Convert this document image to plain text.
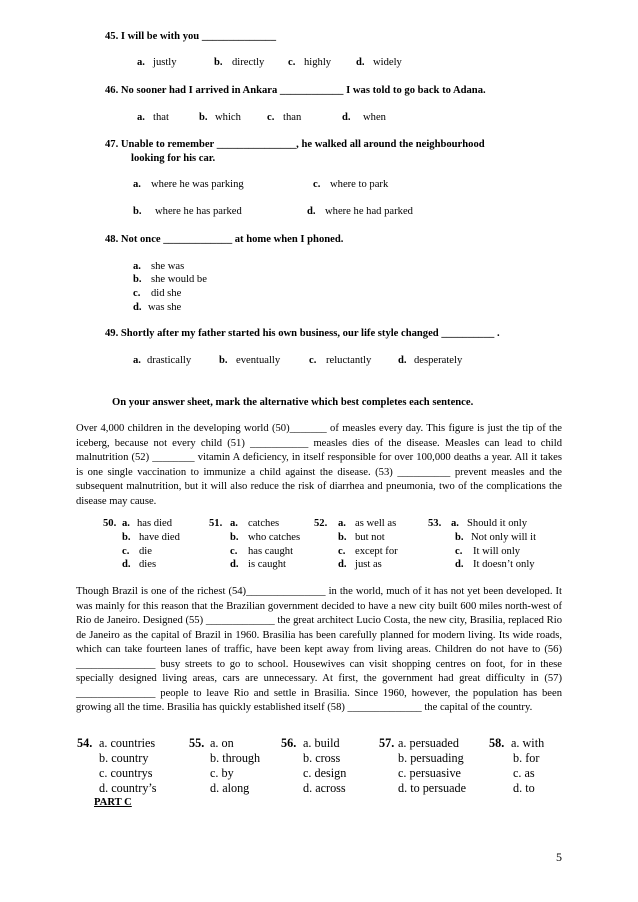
45. I will be with you ______________
a. justly	b. directly c. highly d. widely
46. No sooner had I arrived in Ankara ____________ I was told to go back to Adana.
a. that	b. which c. than	d. when
47. Unable to remember _______________, he walked all around the neighbourhood
looking for his car.
a. where he was parking	c. where to park
b. where he has parked	d. where he had parked
48. Not once _____________ at home when I phoned.
a. she was
b. she would be
c. did she
d. was she
49. Shortly after my father started his own business, our life style changed __________ .
a. drastically	b. eventually	c. reluctantly	d. desperately
On your answer sheet, mark the alternative which best completes each sentence.
Over 4,000 children in the developing world (50)_______ of measles every day. This figure is just the tip of the iceberg, because not every child (51) ___________ measles dies of the disease. Measles can lead to child malnutrition (52) ________ vitamin A deficiency, in itself responsible for over 100,000 deaths a year. All it takes is one single vaccination to immunize a child against the disease. (53) __________ prevent measles and the subsequent malnutrition, but it will also reduce the risk of diarrhea and pneumonia, two of the complications the disease may cause.
50. a. has died
b. have died
c. die
d. dies
51. a. catches
b. who catches
c. has caught
d. is caught
52. a. as well as
b. but not
c. except for
d. just as
53. a. Should it only
b. Not only will it
c. It will only
d. It doesn’t only
Though Brazil is one of the richest (54)_______________ in the world, much of it has not yet been developed. It was mainly for this reason that the Brazilian government decided to have a new city built 600 miles north-west of Rio de Janeiro. Designed (55) _____________ the great architect Lucio Costa, the new city, Brasilia, replaced Rio de Janeiro as the capital of Brazil in 1960. Brasilia has been carefully planned for modern living. Its wide roads, which can take fourteen lanes of traffic, have been kept away from living areas. Children do not have to (56) _______________ busy streets to go to school. Housewives can visit shopping centres on foot, for in these specially designed living areas, cars are unnecessary. At first, the government had great difficulty in (57) _______________ people to leave Rio and settle in Brasilia. Since 1960, however, the population has been growing all the time. Brasilia has quickly established itself (58) ______________ the capital of the country.
54. a. countries
b. country
c. countrys
d. country’s
55. a. on
b. through
c. by
d. along
56. a. build
b. cross
c. design
d. across
57. a. persuaded
b. persuading
c. persuasive
d. to persuade
58. a. with
b. for
c. as
d. to
PART C
5
